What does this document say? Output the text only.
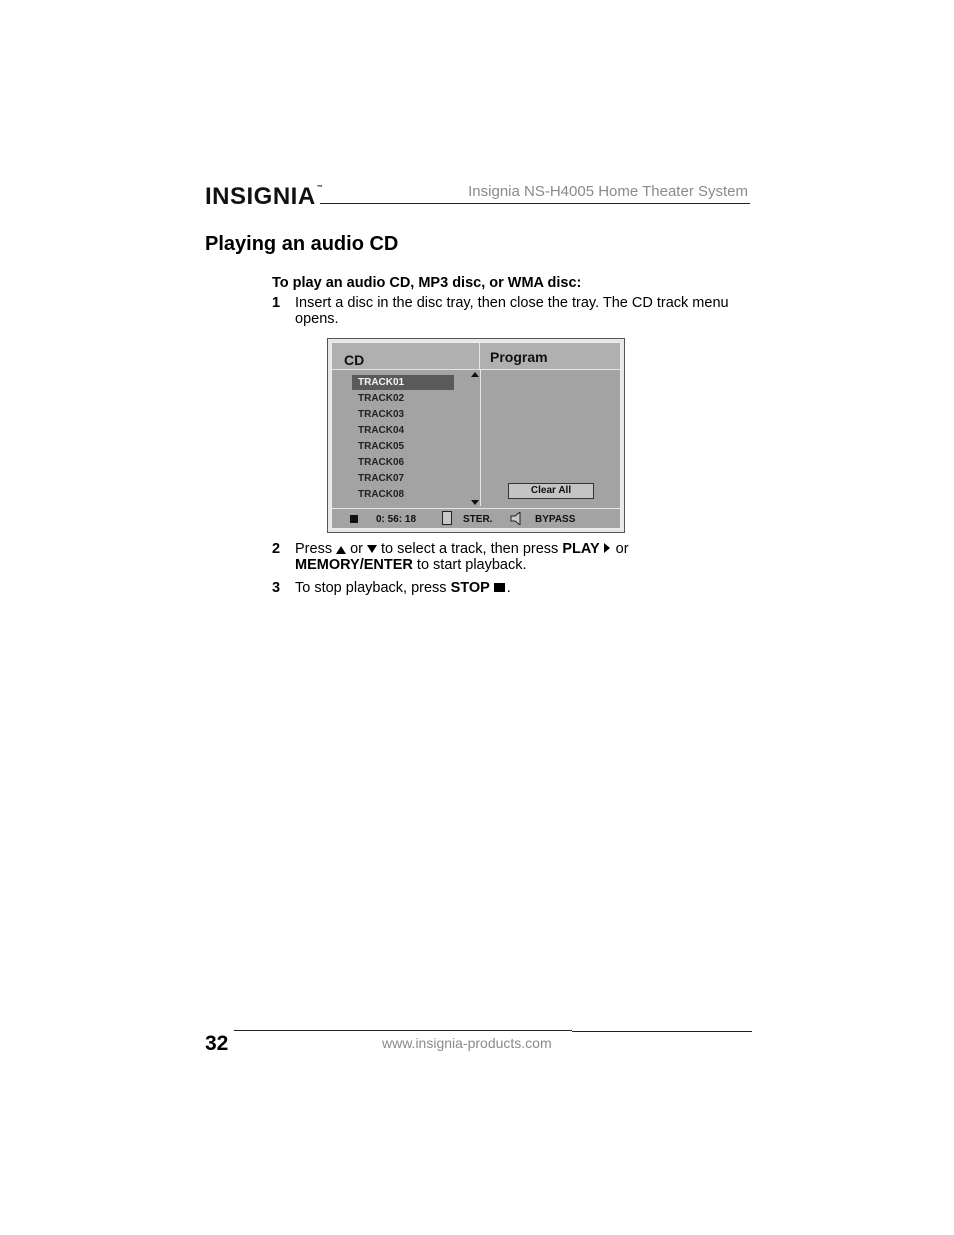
INSIGNIA™	Insignia NS-H4005 Home Theater System
Playing an audio CD
To play an audio CD, MP3 disc, or WMA disc:
1 Insert a disc in the disc tray, then close the tray. The CD track menu opens.
CD	Program
TRACK01
TRACK02
TRACK03
TRACK04
TRACK05
TRACK06
TRACK07
TRACK08	Clear All
0: 56: 18	STER.	BYPASS
2 Press or to select a track, then press PLAY or
MEMORY/ENTER to start playback.
3 To stop playback, press STOP .
32	www.insignia-products.com
